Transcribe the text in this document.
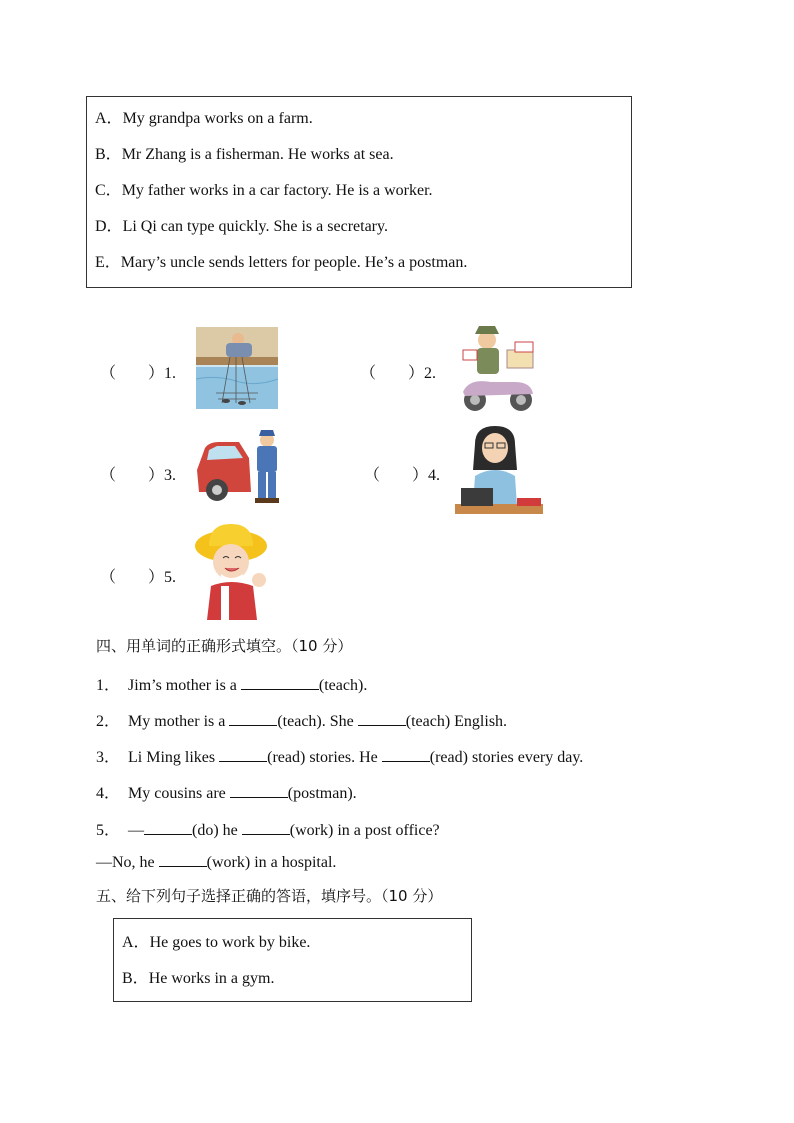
A．My grandpa works on a farm.
B．Mr Zhang is a fisherman. He works at sea.
C．My father works in a car factory. He is a worker.
D．Li Qi can type quickly. She is a secretary.
E．Mary’s uncle sends letters for people. He’s a postman.
（　　）1.	（　　）2.
（　　）3.	（　　）4.
（　　）5.
四、用单词的正确形式填空。（10 分）
1． Jim’s mother is a	(teach).
2． My mother is a	(teach). She	(teach) English.
3． Li Ming likes	(read) stories. He	(read) stories every day.
4． My cousins are	(postman).
5． —	(do) he	(work) in a post office?
—No, he	(work) in a hospital.
五、给下列句子选择正确的答语，填序号。（10 分）
A．He goes to work by bike.
B．He works in a gym.
